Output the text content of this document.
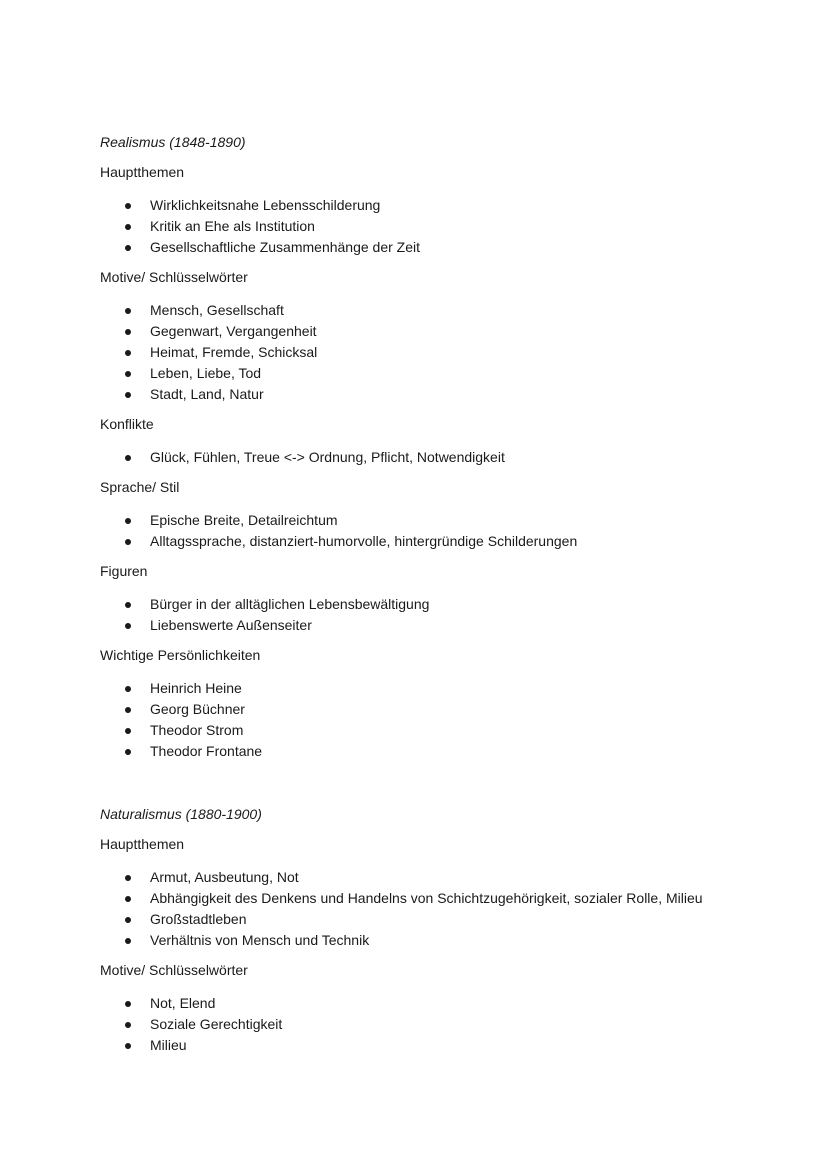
Realismus (1848-1890)
Hauptthemen
Wirklichkeitsnahe Lebensschilderung
Kritik an Ehe als Institution
Gesellschaftliche Zusammenhänge der Zeit
Motive/ Schlüsselwörter
Mensch, Gesellschaft
Gegenwart, Vergangenheit
Heimat, Fremde, Schicksal
Leben, Liebe, Tod
Stadt, Land, Natur
Konflikte
Glück, Fühlen, Treue <-> Ordnung, Pflicht, Notwendigkeit
Sprache/ Stil
Epische Breite, Detailreichtum
Alltagssprache, distanziert-humorvolle, hintergründige Schilderungen
Figuren
Bürger in der alltäglichen Lebensbewältigung
Liebenswerte Außenseiter
Wichtige Persönlichkeiten
Heinrich Heine
Georg Büchner
Theodor Strom
Theodor Frontane
Naturalismus (1880-1900)
Hauptthemen
Armut, Ausbeutung, Not
Abhängigkeit des Denkens und Handelns von Schichtzugehörigkeit, sozialer Rolle, Milieu
Großstadtleben
Verhältnis von Mensch und Technik
Motive/ Schlüsselwörter
Not, Elend
Soziale Gerechtigkeit
Milieu
